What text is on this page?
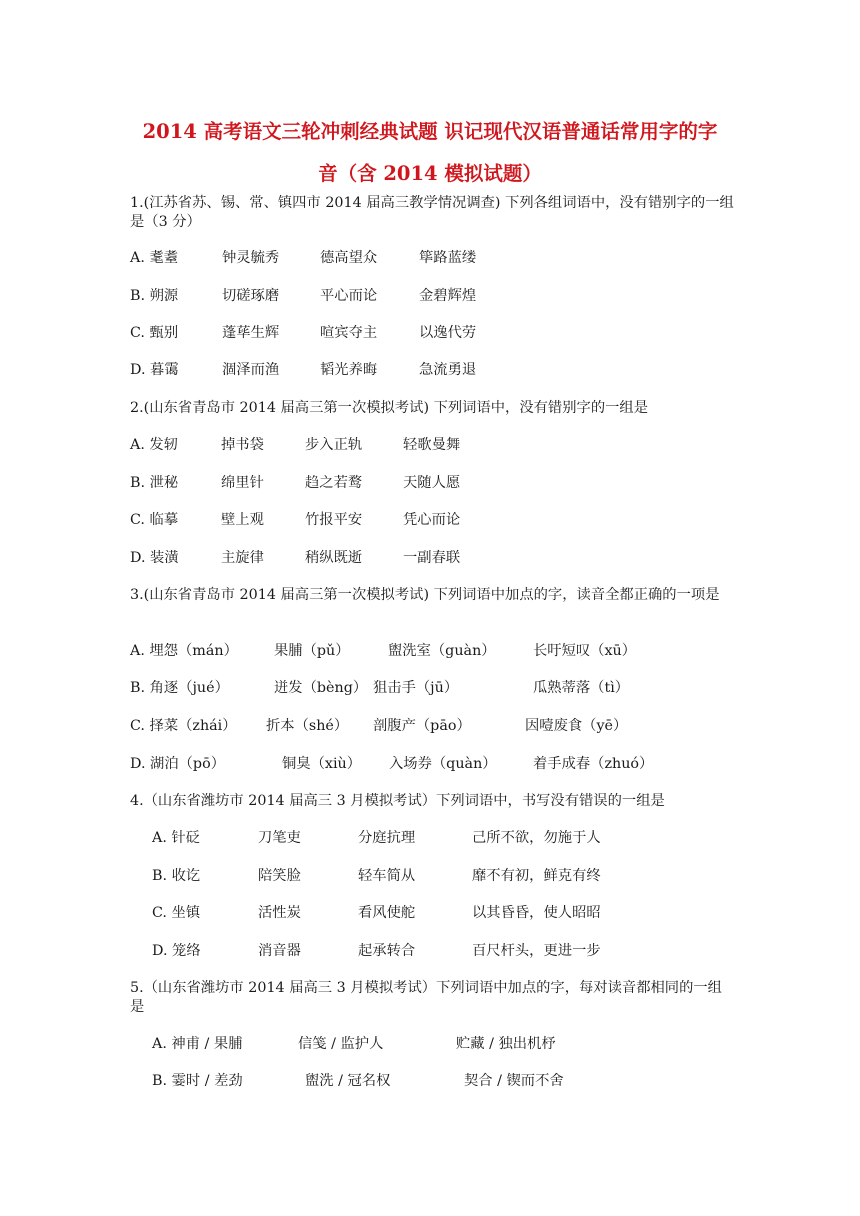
2014 高考语文三轮冲刺经典试题 识记现代汉语普通话常用字的字
音（含 2014 模拟试题）
1.(江苏省苏、锡、常、镇四市 2014 届高三教学情况调查) 下列各组词语中，没有错别字的一组是（3 分）
A. 耄耋	钟灵毓秀	德高望众	筚路蓝缕
B. 朔源	切磋琢磨	平心而论	金碧辉煌
C. 甄别	蓬荜生辉	喧宾夺主	以逸代劳
D. 暮霭	涸泽而渔	韬光养晦	急流勇退
2.(山东省青岛市 2014 届高三第一次模拟考试) 下列词语中，没有错别字的一组是
A. 发轫	掉书袋	步入正轨	轻歌曼舞
B. 泄秘	绵里针	趋之若鹜	天随人愿
C. 临摹	壁上观	竹报平安	凭心而论
D. 装潢	主旋律	稍纵既逝	一副春联
3.(山东省青岛市 2014 届高三第一次模拟考试) 下列词语中加点的字，读音全都正确的一项是
A. 埋怨（mán）	果脯（pǔ）	盥洗室（guàn）	长吁短叹（xū）
B. 角逐（jué）	迸发（bèng） 狙击手（jū）	瓜熟蒂落（tì）
C. 择菜（zhái） 折本（shé） 剖腹产（pāo）	因噎废食（yē）
D. 湖泊（pō）	铜臭（xiù） 入场券（quàn）	着手成春（zhuó）
4.（山东省潍坊市 2014 届高三 3 月模拟考试）下列词语中，书写没有错误的一组是
A. 针砭	刀笔吏	分庭抗理	己所不欲，勿施于人
B. 收讫	陪笑脸	轻车简从	靡不有初，鲜克有终
C. 坐镇	活性炭	看风使舵	以其昏昏，使人昭昭
D. 笼络	消音器	起承转合	百尺杆头，更进一步
5.（山东省潍坊市 2014 届高三 3 月模拟考试）下列词语中加点的字，每对读音都相同的一组是
A. 神甫 / 果脯	信笺 / 监护人	贮藏 / 独出机杼
B. 霎时 / 差劲	盥洗 / 冠名权	契合 / 锲而不舍
